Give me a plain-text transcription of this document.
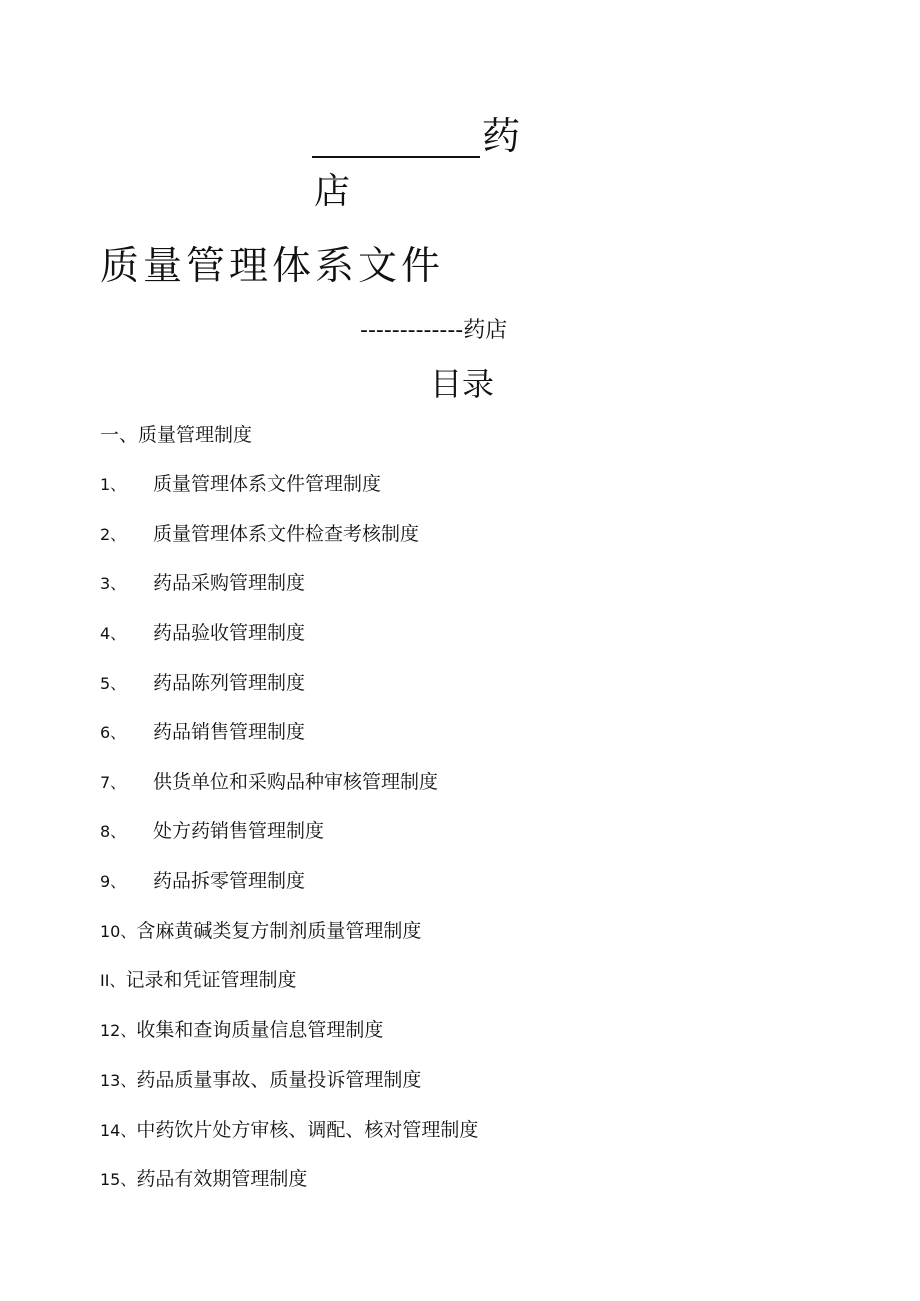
药
店
质量管理体系文件
-------------药店
目录
一、质量管理制度
1、 质量管理体系文件管理制度
2、 质量管理体系文件检查考核制度
3、 药品采购管理制度
4、 药品验收管理制度
5、 药品陈列管理制度
6、 药品销售管理制度
7、 供货单位和采购品种审核管理制度
8、 处方药销售管理制度
9、 药品拆零管理制度
10、含麻黄碱类复方制剂质量管理制度
II、记录和凭证管理制度
12、收集和查询质量信息管理制度
13、药品质量事故、质量投诉管理制度
14、中药饮片处方审核、调配、核对管理制度
15、药品有效期管理制度
